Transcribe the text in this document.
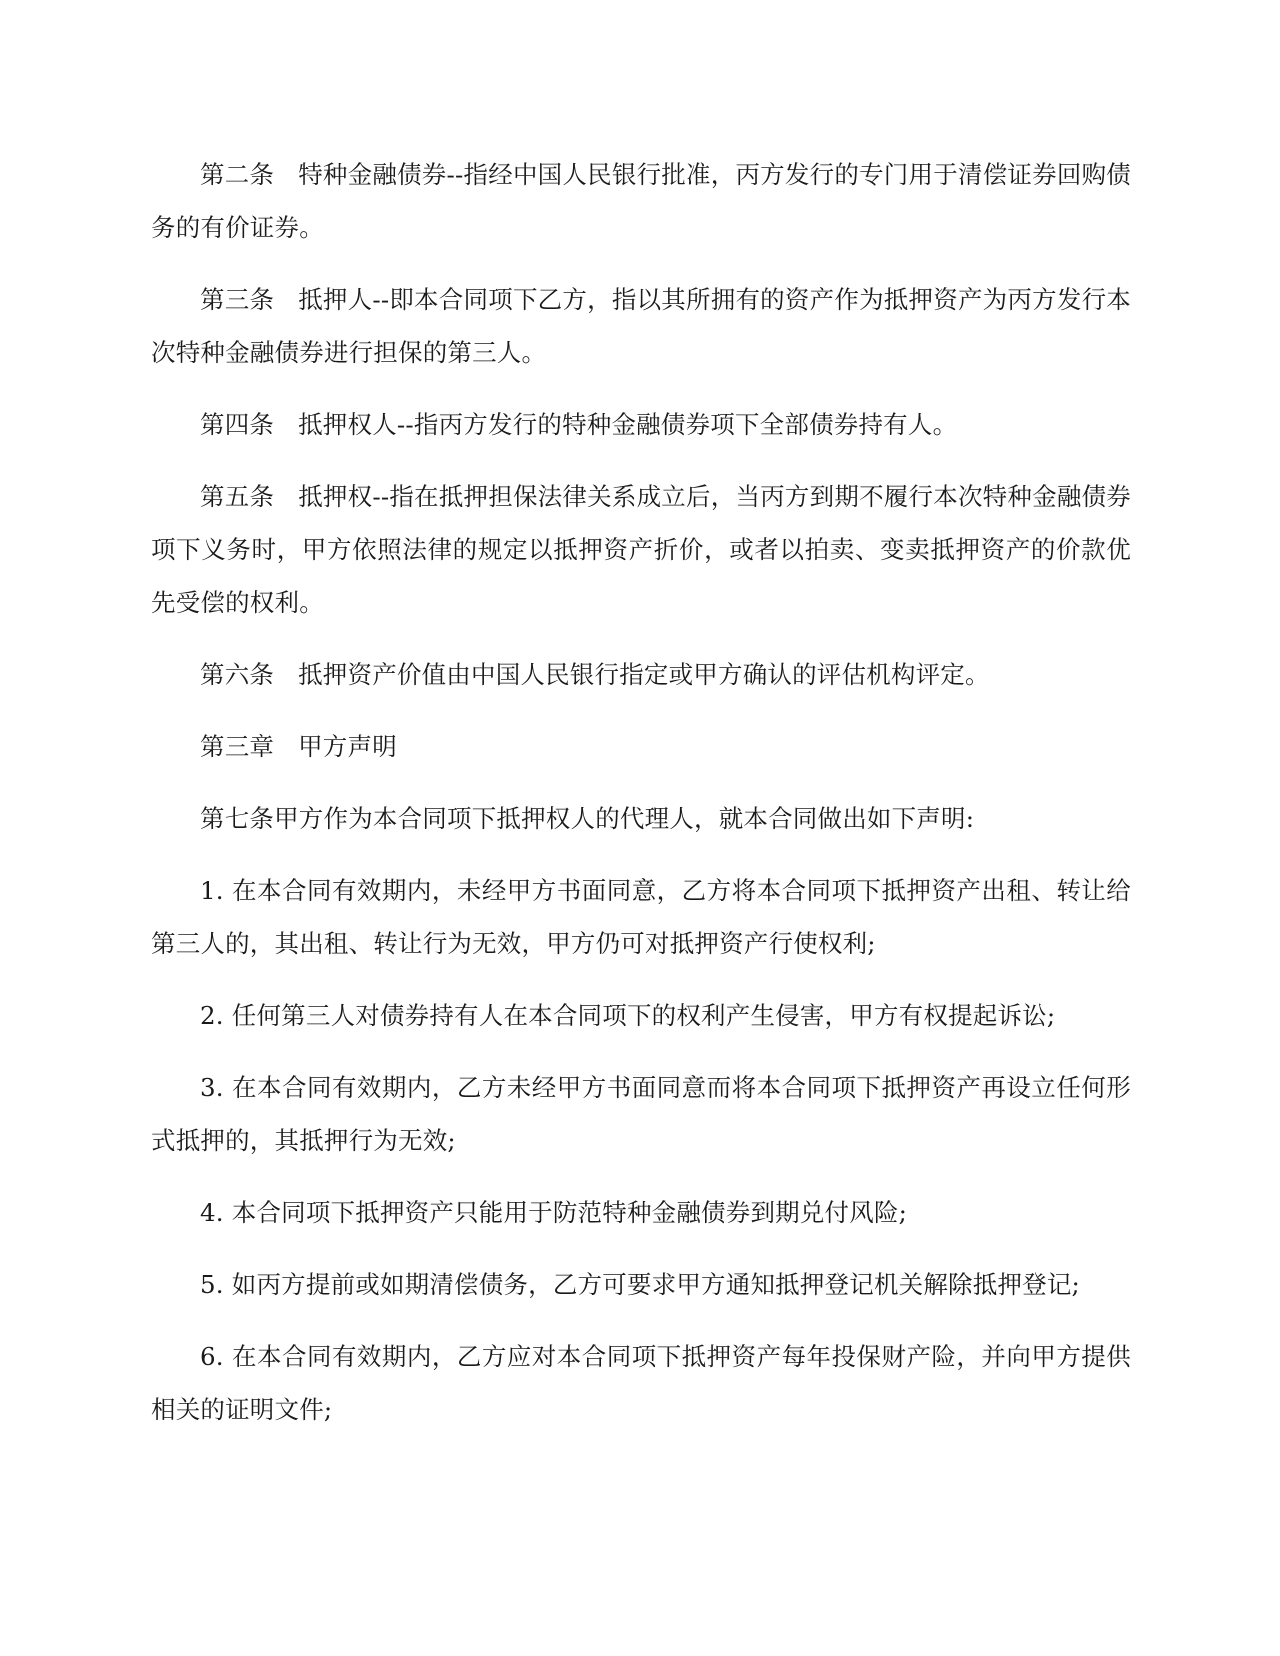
第二条 特种金融债券--指经中国人民银行批准，丙方发行的专门用于清偿证券回购债务的有价证券。

第三条 抵押人--即本合同项下乙方，指以其所拥有的资产作为抵押资产为丙方发行本次特种金融债券进行担保的第三人。

第四条 抵押权人--指丙方发行的特种金融债券项下全部债券持有人。

第五条 抵押权--指在抵押担保法律关系成立后，当丙方到期不履行本次特种金融债券项下义务时，甲方依照法律的规定以抵押资产折价，或者以拍卖、变卖抵押资产的价款优先受偿的权利。

第六条 抵押资产价值由中国人民银行指定或甲方确认的评估机构评定。

第三章 甲方声明

第七条甲方作为本合同项下抵押权人的代理人，就本合同做出如下声明:

1. 在本合同有效期内，未经甲方书面同意，乙方将本合同项下抵押资产出租、转让给第三人的，其出租、转让行为无效，甲方仍可对抵押资产行使权利;

2. 任何第三人对债券持有人在本合同项下的权利产生侵害，甲方有权提起诉讼;

3. 在本合同有效期内，乙方未经甲方书面同意而将本合同项下抵押资产再设立任何形式抵押的，其抵押行为无效;

4. 本合同项下抵押资产只能用于防范特种金融债券到期兑付风险;

5. 如丙方提前或如期清偿债务，乙方可要求甲方通知抵押登记机关解除抵押登记;

6. 在本合同有效期内，乙方应对本合同项下抵押资产每年投保财产险，并向甲方提供相关的证明文件;
